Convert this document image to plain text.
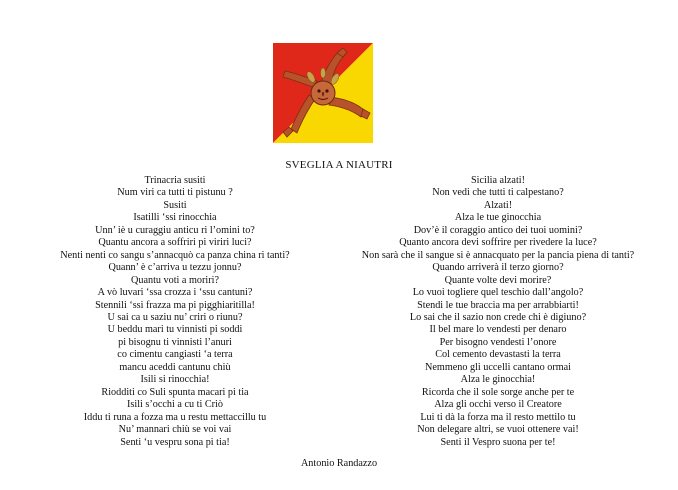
SVEGLIA A NIAUTRI
Trinacria susiti
Num viri ca tutti ti pistunu ?
Susiti
Isatilli ‘ssi rinocchia
Unn’ iè u curaggiu anticu ri l’omini to?
Quantu ancora a soffriri pi viriri luci?
Nenti nenti co sangu s’annacquò ca panza china ri tanti?
Quann’ è c’arriva u tezzu jonnu?
Quantu voti a moriri?
A vò luvari ‘ssa crozza i ‘ssu cantuni?
Stennili ‘ssi frazza ma pi pigghiaritilla!
U sai ca u saziu nu’ criri o riunu?
U beddu mari tu vinnisti pi soddi
pi bisognu ti vinnisti l’anuri
co cimentu cangiasti ‘a terra
mancu aceddi cantunu chiù
Isili si rinocchia!
Riodditi co Suli spunta macari pi tia
Isili s’occhi a cu ti Criò
Iddu ti runa a fozza ma u restu mettaccillu tu
Nu’ mannari chiù se voi vai
Senti ‘u vespru sona pi tia!
Sicilia alzati!
Non vedi che tutti ti calpestano?
Alzati!
Alza le tue ginocchia
Dov’è il coraggio antico dei tuoi uomini?
Quanto ancora devi soffrire per rivedere la luce?
Non sarà che il sangue si è annacquato per la pancia piena di tanti?
Quando arriverà il terzo giorno?
Quante volte devi morire?
Lo vuoi togliere quel teschio dall’angolo?
Stendi le tue braccia ma per arrabbiarti!
Lo sai che il sazio non crede chi è digiuno?
Il bel mare lo vendesti per denaro
Per bisogno vendesti l’onore
Col cemento devastasti la terra
Nemmeno gli uccelli cantano ormai
Alza le ginocchia!
Ricorda che il sole sorge anche per te
Alza gli occhi verso il Creatore
Lui ti dà la forza ma il resto mettilo tu
Non delegare altri, se vuoi ottenere vai!
Senti il Vespro suona per te!
Antonio Randazzo
